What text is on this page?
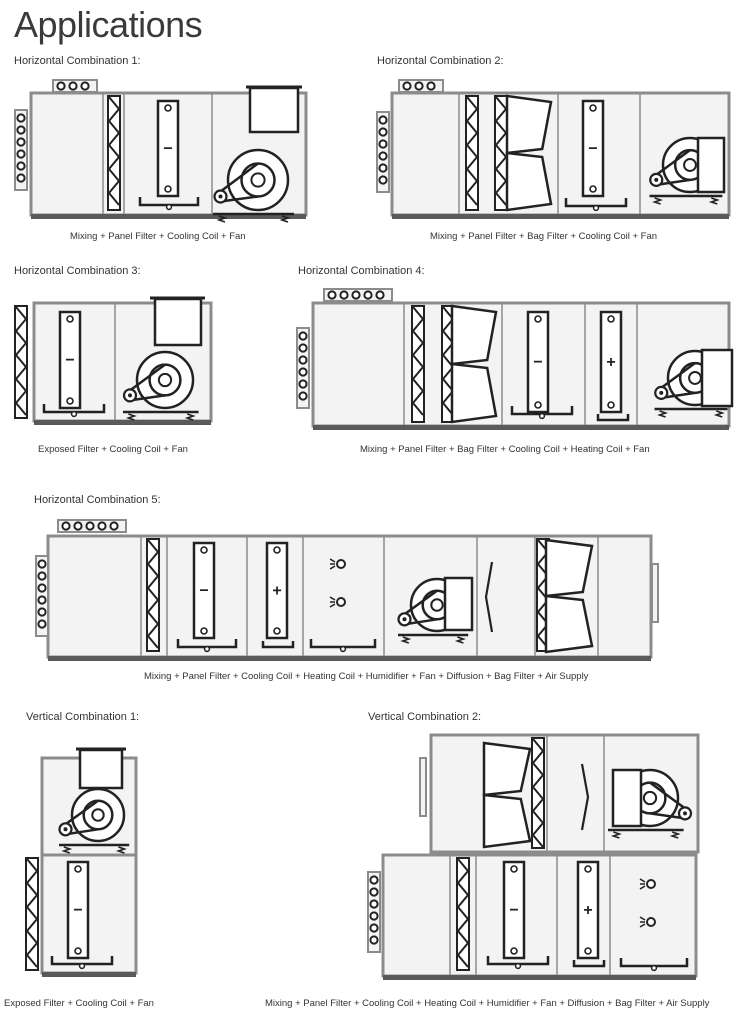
Applications
Horizontal Combination 1:	Horizontal Combination 2:
Horizontal Combination 3:	Horizontal Combination 4:
Horizontal Combination 5:
Vertical Combination 1:	Vertical Combination 2:
Mixing + Panel Filter + Cooling Coil + Fan	Mixing + Panel Filter + Bag Filter + Cooling Coil + Fan
Exposed Filter + Cooling Coil + Fan	Mixing + Panel Filter + Bag Filter + Cooling Coil + Heating Coil + Fan
Mixing + Panel Filter + Cooling Coil + Heating Coil + Humidifier + Fan + Diffusion + Bag Filter + Air Supply
Exposed Filter + Cooling Coil + Fan	Mixing + Panel Filter + Cooling Coil + Heating Coil + Humidifier + Fan + Diffusion + Bag Filter + Air Supply
−	−
−	−	+
−	+
−	−	+
